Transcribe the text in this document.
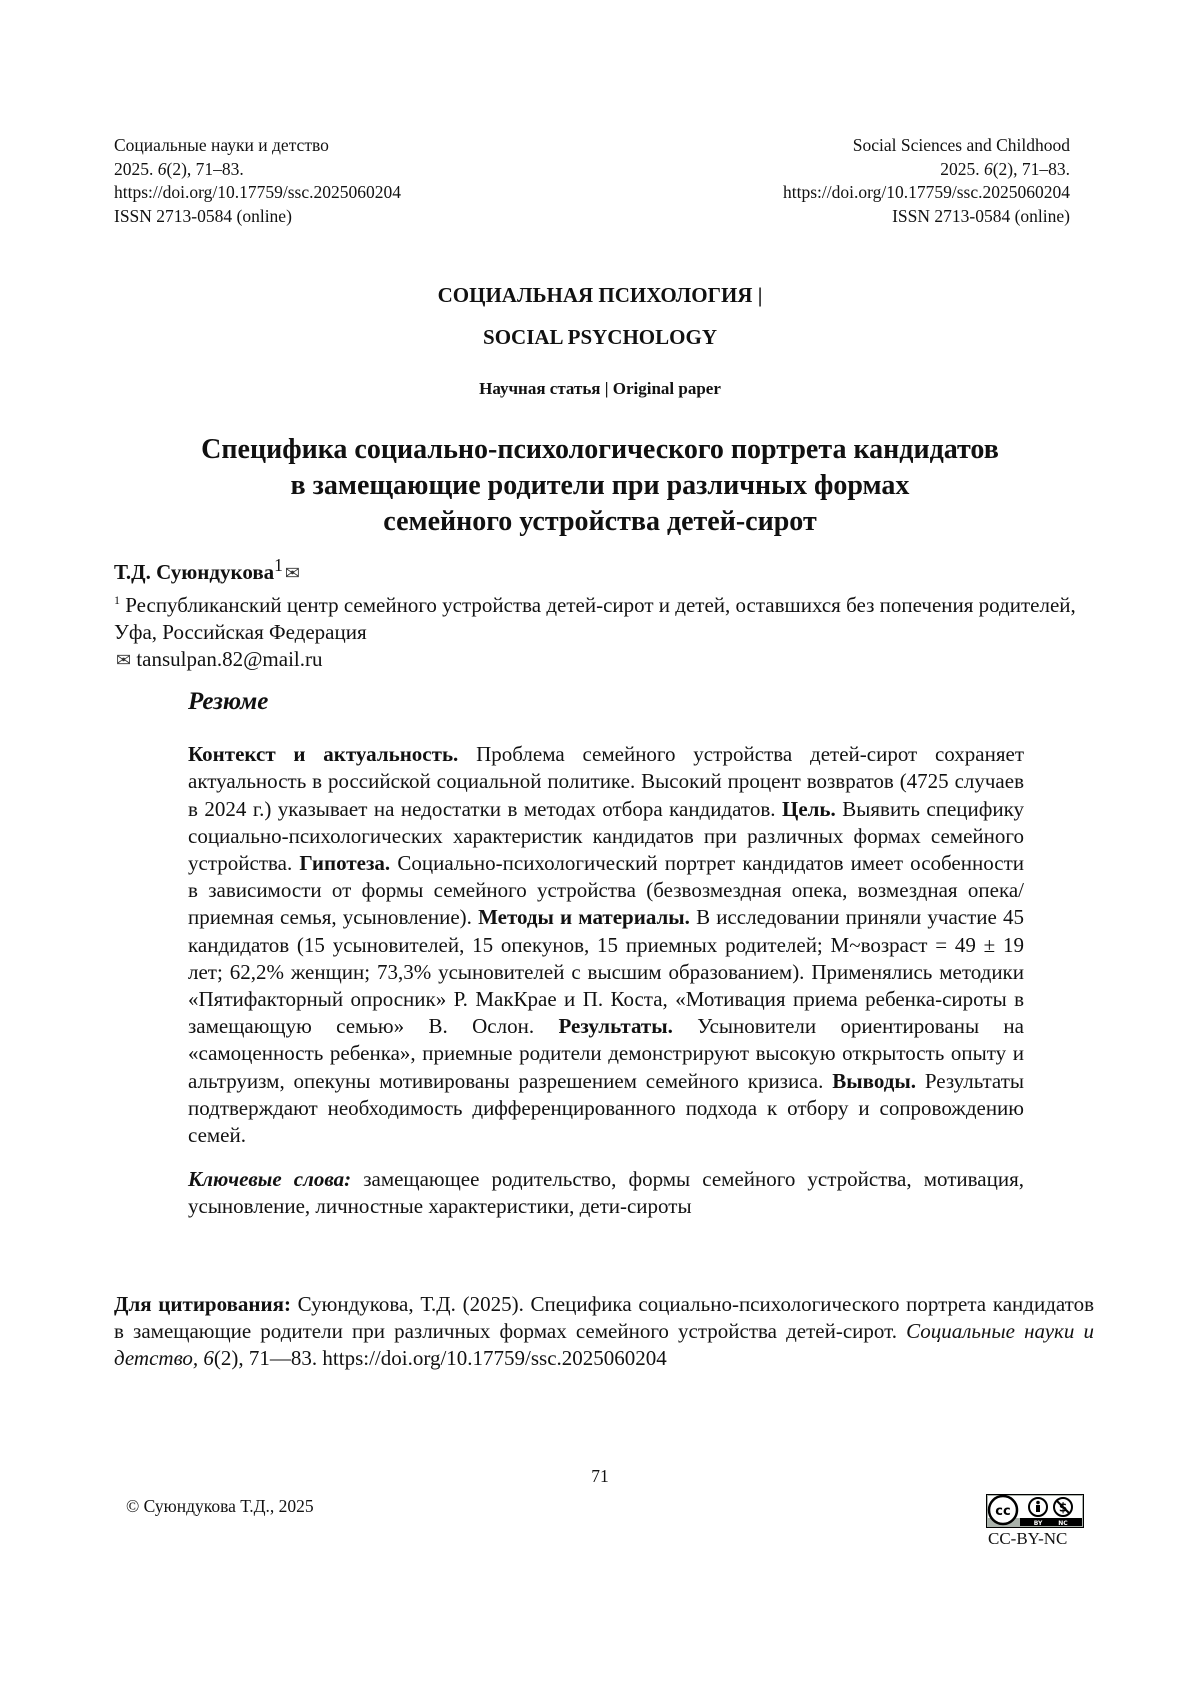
Социальные науки и детство
2025. 6(2), 71–83.
https://doi.org/10.17759/ssc.2025060204
ISSN 2713-0584 (online)
Social Sciences and Childhood
2025. 6(2), 71–83.
https://doi.org/10.17759/ssc.2025060204
ISSN 2713-0584 (online)
СОЦИАЛЬНАЯ ПСИХОЛОГИЯ |
SOCIAL PSYCHOLOGY
Научная статья | Original paper
Специфика социально-психологического портрета кандидатов
в замещающие родители при различных формах
семейного устройства детей-сирот
Т.Д. Суюндукова1 ✉
1 Республиканский центр семейного устройства детей-сирот и детей, оставшихся без попечения родителей, Уфа, Российская Федерация
✉ tansulpan.82@mail.ru
Резюме

Контекст и актуальность. Проблема семейного устройства детей-сирот сохраняет актуальность в российской социальной политике. Высокий процент возвратов (4725 случаев в 2024 г.) указывает на недостатки в методах отбора кандидатов. Цель. Выявить специфику социально-психологических характеристик кандидатов при различных формах семейного устройства. Гипотеза. Социально-психологический портрет кандидатов имеет особенности в зависимости от формы семейного устройства (безвозмездная опека, возмездная опека/приемная семья, усыновление). Методы и материалы. В исследовании приняли участие 45 кандидатов (15 усыновителей, 15 опекунов, 15 приемных родителей; M~возраст = 49 ± 19 лет; 62,2% женщин; 73,3% усыновителей с высшим образованием). Применялись методики «Пятифакторный опросник» Р. МакКрае и П. Коста, «Мотивация приема ребенка-сироты в замещающую семью» В. Ослон. Результаты. Усыновители ориентированы на «самоценность ребенка», приемные родители демонстрируют высокую открытость опыту и альтруизм, опекуны мотивированы разрешением семейного кризиса. Выводы. Результаты подтверждают необходимость дифференцированного подхода к отбору и сопровождению семей.

Ключевые слова: замещающее родительство, формы семейного устройства, мотивация, усыновление, личностные характеристики, дети-сироты

Для цитирования: Суюндукова, Т.Д. (2025). Специфика социально-психологического портрета кандидатов в замещающие родители при различных формах семейного устройства детей-сирот. Социальные науки и детство, 6(2), 71—83. https://doi.org/10.17759/ssc.2025060204

71
© Суюндукова Т.Д., 2025	cc
BY	NC
CC-BY-NC
